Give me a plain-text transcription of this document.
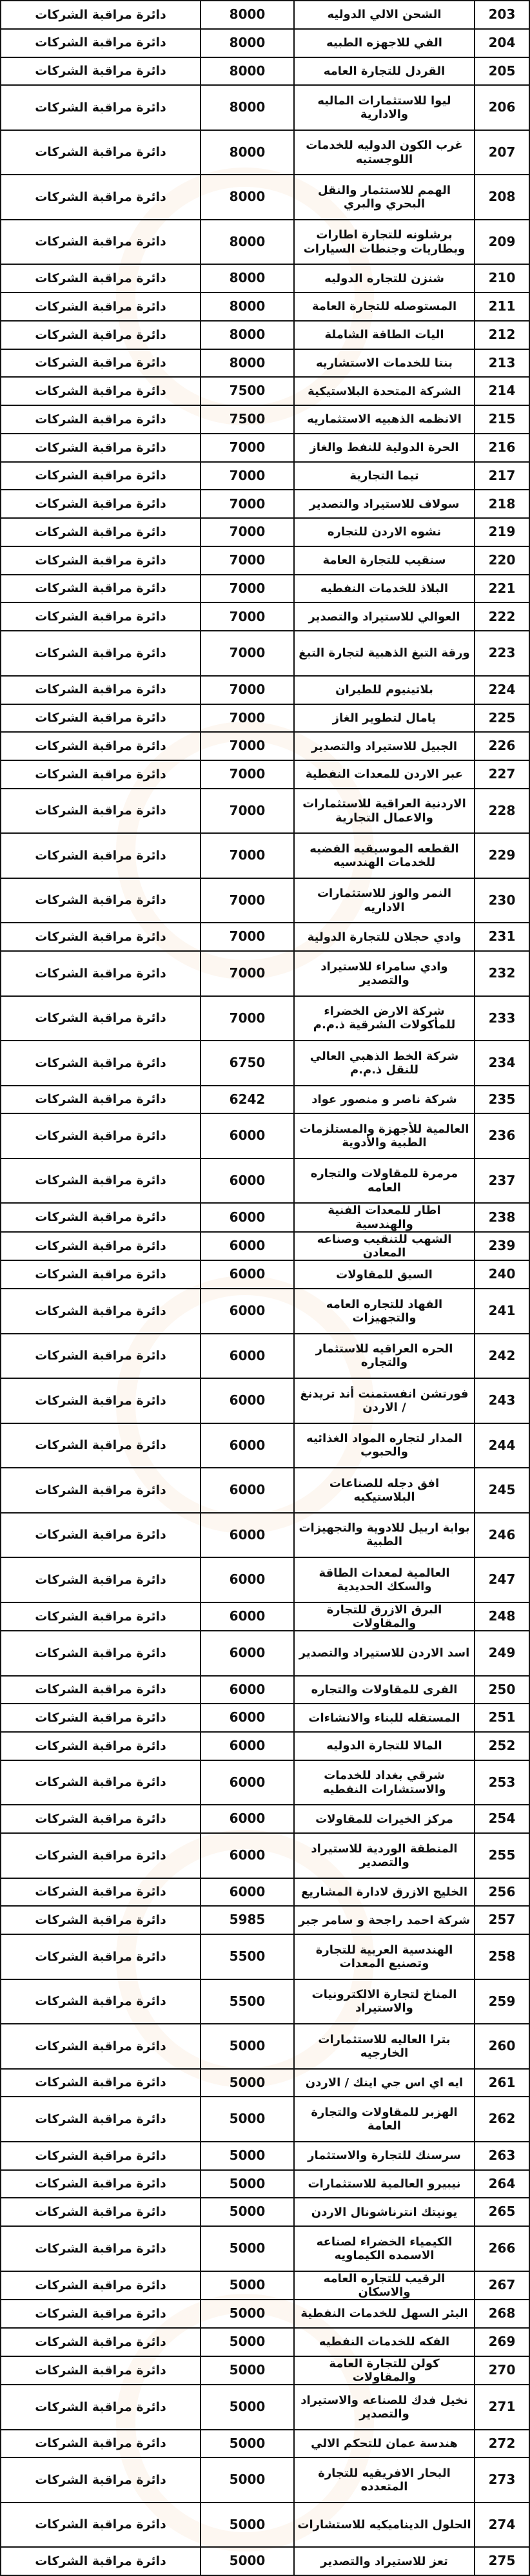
دائرة مراقبة الشركات	8000	الشحن الالي الدوليه	203
دائرة مراقبة الشركات	8000	الفي للاجهزه الطبيه	204
دائرة مراقبة الشركات	8000	القردل للتجارة العامه	205
دائرة مراقبة الشركات	8000	ليوا للاستثمارات الماليه والادارية	206
دائرة مراقبة الشركات	8000	غرب الكون الدوليه للخدمات اللوجستيه	207
دائرة مراقبة الشركات	8000	الهمم للاستثمار والنقل البحري والبري	208
دائرة مراقبة الشركات	8000	برشلونه للتجارة اطارات وبطاريات وجنطات السيارات	209
دائرة مراقبة الشركات	8000	شنزن للتجاره الدوليه	210
دائرة مراقبة الشركات	8000	المستوصله للتجارة العامة	211
دائرة مراقبة الشركات	8000	اليات الطاقة الشاملة	212
دائرة مراقبة الشركات	8000	بنتا للخدمات الاستشاريه	213
دائرة مراقبة الشركات	7500	الشركة المتحدة البلاستيكية	214
دائرة مراقبة الشركات	7500	الانظمه الذهبيه الاستثماريه	215
دائرة مراقبة الشركات	7000	الحرة الدولية للنفط والغاز	216
دائرة مراقبة الشركات	7000	تيما التجارية	217
دائرة مراقبة الشركات	7000	سولاف للاستيراد والتصدير	218
دائرة مراقبة الشركات	7000	نشوه الاردن للتجاره	219
دائرة مراقبة الشركات	7000	سنقيب للتجارة العامة	220
دائرة مراقبة الشركات	7000	البلاذ للخدمات النفطيه	221
دائرة مراقبة الشركات	7000	العوالي للاستيراد والتصدير	222
دائرة مراقبة الشركات	7000	ورقة التبغ الذهبية لتجارة التبغ	223
دائرة مراقبة الشركات	7000	بلاتينيوم للطيران	224
دائرة مراقبة الشركات	7000	يامال لتطوير الغاز	225
دائرة مراقبة الشركات	7000	الجبيل للاستيراد والتصدير	226
دائرة مراقبة الشركات	7000	عبر الاردن للمعدات النفطية	227
دائرة مراقبة الشركات	7000	الاردنية العراقية للاستثمارات والاعمال التجارية	228
دائرة مراقبة الشركات	7000	القطعه الموسيقيه الفضيه للخدمات الهندسيه	229
دائرة مراقبة الشركات	7000	النمر والوز للاستثمارات الاداريه	230
دائرة مراقبة الشركات	7000	وادي حجلان للتجارة الدولية	231
دائرة مراقبة الشركات	7000	وادي سامراء للاستيراد والتصدير	232
دائرة مراقبة الشركات	7000	شركة الارض الخضراء للمأكولات الشرقية ذ.م.م	233
دائرة مراقبة الشركات	6750	شركة الخط الذهبي العالي للنقل ذ.م.م	234
دائرة مراقبة الشركات	6242	شركة ناصر و منصور عواد	235
دائرة مراقبة الشركات	6000	العالمية للأجهزة والمستلزمات الطبية والأدوية	236
دائرة مراقبة الشركات	6000	مرمرة للمقاولات والتجاره العامه	237
دائرة مراقبة الشركات	6000	اطار للمعدات الفنية والهندسية	238
دائرة مراقبة الشركات	6000	الشهب للتنقيب وصناعه المعادن	239
دائرة مراقبة الشركات	6000	السيق للمقاولات	240
دائرة مراقبة الشركات	6000	الفهاد للتجاره العامه والتجهيزات	241
دائرة مراقبة الشركات	6000	الحره العراقيه للاستثمار والتجاره	242
دائرة مراقبة الشركات	6000	فورتشن انفستمنت أند تريدنغ / الاردن	243
دائرة مراقبة الشركات	6000	المدار لتجاره المواد الغذائيه والحبوب	244
دائرة مراقبة الشركات	6000	افق دجله للصناعات البلاستيكيه	245
دائرة مراقبة الشركات	6000	بوابة اربيل للادوية والتجهيزات الطبية	246
دائرة مراقبة الشركات	6000	العالمية لمعدات الطاقة والسكك الحديدية	247
دائرة مراقبة الشركات	6000	البرق الازرق للتجارة والمقاولات	248
دائرة مراقبة الشركات	6000	اسد الاردن للاستيراد والتصدير	249
دائرة مراقبة الشركات	6000	الفرى للمقاولات والتجاره	250
دائرة مراقبة الشركات	6000	المستقله للبناء والانشاءات	251
دائرة مراقبة الشركات	6000	المالا للتجارة الدوليه	252
دائرة مراقبة الشركات	6000	شرقي بغداد للخدمات والاستشارات النفطيه	253
دائرة مراقبة الشركات	6000	مركز الخيرات للمقاولات	254
دائرة مراقبة الشركات	6000	المنطقة الوردية للاستيراد والتصدير	255
دائرة مراقبة الشركات	6000	الخليج الازرق لادارة المشاريع	256
دائرة مراقبة الشركات	5985	شركة احمد راجحة و سامر جبر	257
دائرة مراقبة الشركات	5500	الهندسية العربية للتجارة وتصنيع المعدات	258
دائرة مراقبة الشركات	5500	المناخ لتجارة الالكترونيات والاستيراد	259
دائرة مراقبة الشركات	5000	بترا العاليه للاستثمارات الخارجيه	260
دائرة مراقبة الشركات	5000	ايه اي اس جي اينك / الاردن	261
دائرة مراقبة الشركات	5000	الهزبر للمقاولات والتجارة العامة	262
دائرة مراقبة الشركات	5000	سرسنك للتجارة والاستثمار	263
دائرة مراقبة الشركات	5000	نيبيرو العالمية للاستثمارات	264
دائرة مراقبة الشركات	5000	يونيتك انترناشونال الاردن	265
دائرة مراقبة الشركات	5000	الكيمياء الخضراء لصناعه الاسمده الكيماويه	266
دائرة مراقبة الشركات	5000	الرقيب للتجاره العامه والاسكان	267
دائرة مراقبة الشركات	5000	البئر السهل للخدمات النفطية	268
دائرة مراقبة الشركات	5000	الفكه للخدمات النفطيه	269
دائرة مراقبة الشركات	5000	كولن للتجارة العامة والمقاولات	270
دائرة مراقبة الشركات	5000	نخيل فدك للصناعه والاستيراد والتصدير	271
دائرة مراقبة الشركات	5000	هندسة عمان للتحكم الالي	272
دائرة مراقبة الشركات	5000	البحار الافريقيه للتجارة المتعدده	273
دائرة مراقبة الشركات	5000	الحلول الديناميكيه للاستشارات	274
دائرة مراقبة الشركات	5000	تعز للاستيراد والتصدير	275
